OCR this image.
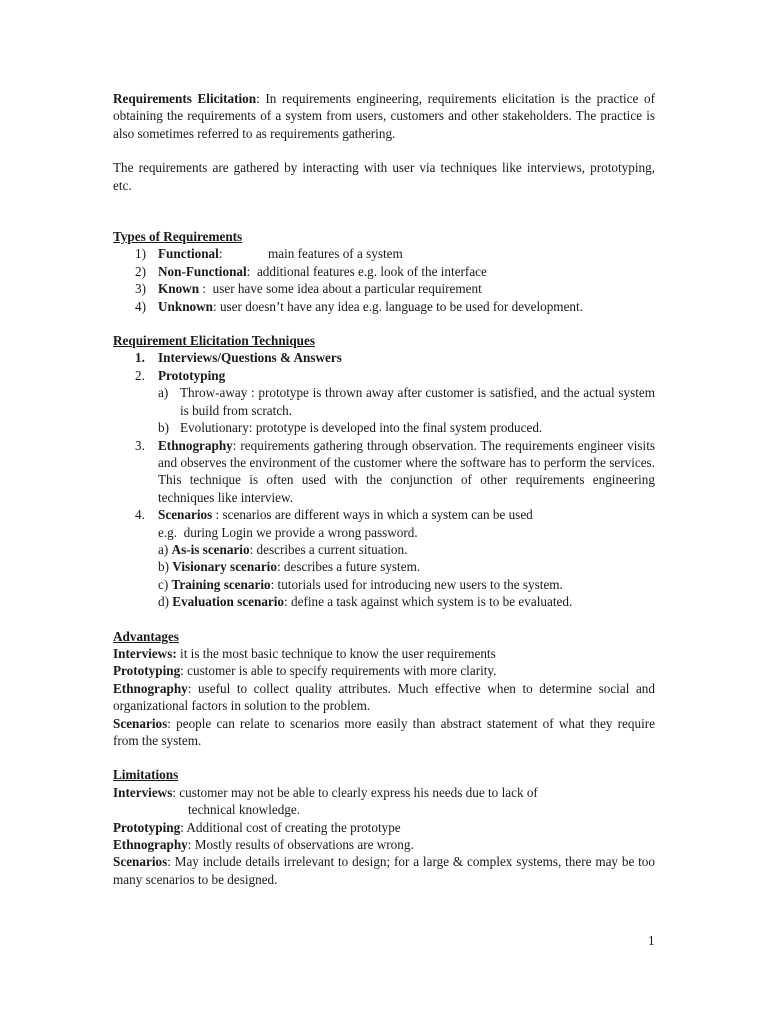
Requirements Elicitation: In requirements engineering, requirements elicitation is the practice of obtaining the requirements of a system from users, customers and other stakeholders. The practice is also sometimes referred to as requirements gathering.

The requirements are gathered by interacting with user via techniques like interviews, prototyping, etc.

Types of Requirements

1) Functional:	main features of a system
2) Non-Functional:  additional features e.g. look of the interface
3) Known :  user have some idea about a particular requirement
4) Unknown: user doesn’t have any idea e.g. language to be used for development.

Requirement Elicitation Techniques

1. Interviews/Questions & Answers
2. Prototyping
a) Throw-away : prototype is thrown away after customer is satisfied, and the actual system is build from scratch.
b) Evolutionary: prototype is developed into the final system produced.
3. Ethnography: requirements gathering through observation. The requirements engineer visits and observes the environment of the customer where the software has to perform the services. This technique is often used with the conjunction of other requirements engineering techniques like interview.
4. Scenarios : scenarios are different ways in which a system can be used

e.g.  during Login we provide a wrong password.

a) As-is scenario: describes a current situation.

b) Visionary scenario: describes a future system.

c) Training scenario: tutorials used for introducing new users to the system.

d) Evaluation scenario: define a task against which system is to be evaluated.

Advantages

Interviews: it is the most basic technique to know the user requirements

Prototyping: customer is able to specify requirements with more clarity.

Ethnography: useful to collect quality attributes. Much effective when to determine social and organizational factors in solution to the problem.

Scenarios: people can relate to scenarios more easily than abstract statement of what they require from the system.

Limitations

Interviews: customer may not be able to clearly express his needs due to lack of

technical knowledge.

Prototyping: Additional cost of creating the prototype

Ethnography: Mostly results of observations are wrong.

Scenarios: May include details irrelevant to design; for a large & complex systems, there may be too many scenarios to be designed.

1
